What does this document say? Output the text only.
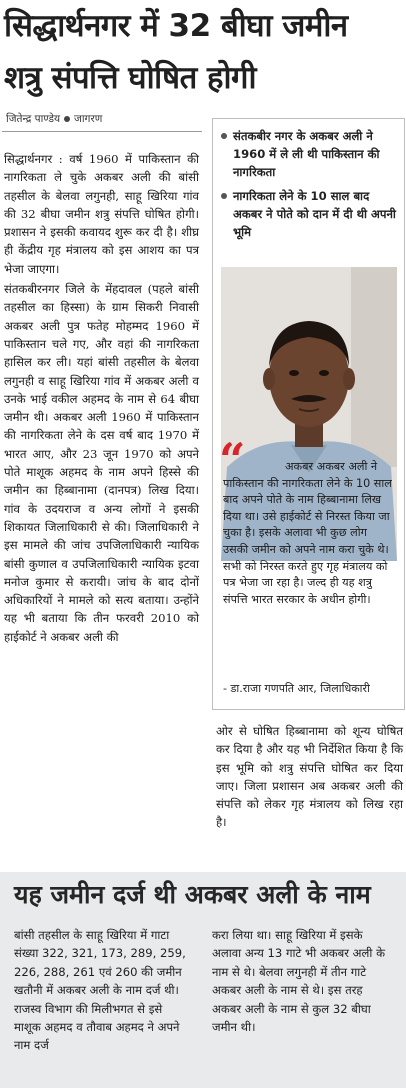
सिद्धार्थनगर में 32 बीघा जमीन
शत्रु संपत्ति घोषित होगी
जितेन्द्र पाण्डेय जागरण

सिद्धार्थनगर : वर्ष 1960 में पाकिस्तान की नागरिकता ले चुके अकबर अली की बांसी तहसील के बेलवा लगुनही, साहू खिरिया गांव की 32 बीघा जमीन शत्रु संपत्ति घोषित होगी। प्रशासन ने इसकी कवायद शुरू कर दी है। शीघ्र ही केंद्रीय गृह मंत्रालय को इस आशय का पत्र भेजा जाएगा।

संतकबीरनगर जिले के मेंहदावल (पहले बांसी तहसील का हिस्सा) के ग्राम सिकरी निवासी अकबर अली पुत्र फतेह मोहम्मद 1960 में पाकिस्तान चले गए, और वहां की नागरिकता हासिल कर ली। यहां बांसी तहसील के बेलवा लगुनही व साहू खिरिया गांव में अकबर अली व उनके भाई वकील अहमद के नाम से 64 बीघा जमीन थी। अकबर अली 1960 में पाकिस्तान की नागरिकता लेने के दस वर्ष बाद 1970 में भारत आए, और 23 जून 1970 को अपने पोते माशूक अहमद के नाम अपने हिस्से की जमीन का हिब्बानामा (दानपत्र) लिख दिया। गांव के उदयराज व अन्य लोगों ने इसकी शिकायत जिलाधिकारी से की। जिलाधिकारी ने इस मामले की जांच उपजिलाधिकारी न्यायिक बांसी कुणाल व उपजिलाधिकारी न्यायिक इटवा मनोज कुमार से करायी। जांच के बाद दोनों अधिकारियों ने मामले को सत्य बताया। उन्होंने यह भी बताया कि तीन फरवरी 2010 को हाईकोर्ट ने अकबर अली की

संतकबीर नगर के अकबर अली ने 1960 में ले ली थी पाकिस्तान की नागरिकता
नागरिकता लेने के 10 साल बाद अकबर ने पोते को दान में दी थी अपनी भूमि
“	अकबर अकबर अली ने
पाकिस्तान की नागरिकता लेने के 10 साल बाद अपने पोते के नाम हिब्बानामा लिख दिया था। उसे हाईकोर्ट से निरस्त किया जा चुका है। इसके अलावा भी कुछ लोग उसकी जमीन को अपने नाम करा चुके थे। सभी को निरस्त करते हुए गृह मंत्रालय को पत्र भेजा जा रहा है। जल्द ही यह शत्रु संपत्ति भारत सरकार के अधीन होगी।
- डा.राजा गणपति आर, जिलाधिकारी

ओर से घोषित हिब्बानामा को शून्य घोषित कर दिया है और यह भी निर्देशित किया है कि इस भूमि को शत्रु संपत्ति घोषित कर दिया जाए। जिला प्रशासन अब अकबर अली की संपत्ति को लेकर गृह मंत्रालय को लिख रहा है।

यह जमीन दर्ज थी अकबर अली के नाम
बांसी तहसील के साहू खिरिया में गाटा संख्या 322, 321, 173, 289, 259, 226, 288, 261 एवं 260 की जमीन खतौनी में अकबर अली के नाम दर्ज थी। राजस्व विभाग की मिलीभगत से इसे माशूक अहमद व तौवाब अहमद ने अपने नाम दर्ज
करा लिया था। साहू खिरिया में इसके अलावा अन्य 13 गाटे भी अकबर अली के नाम से थे। बेलवा लगुनही में तीन गाटे अकबर अली के नाम से थे। इस तरह अकबर अली के नाम से कुल 32 बीघा जमीन थी।
